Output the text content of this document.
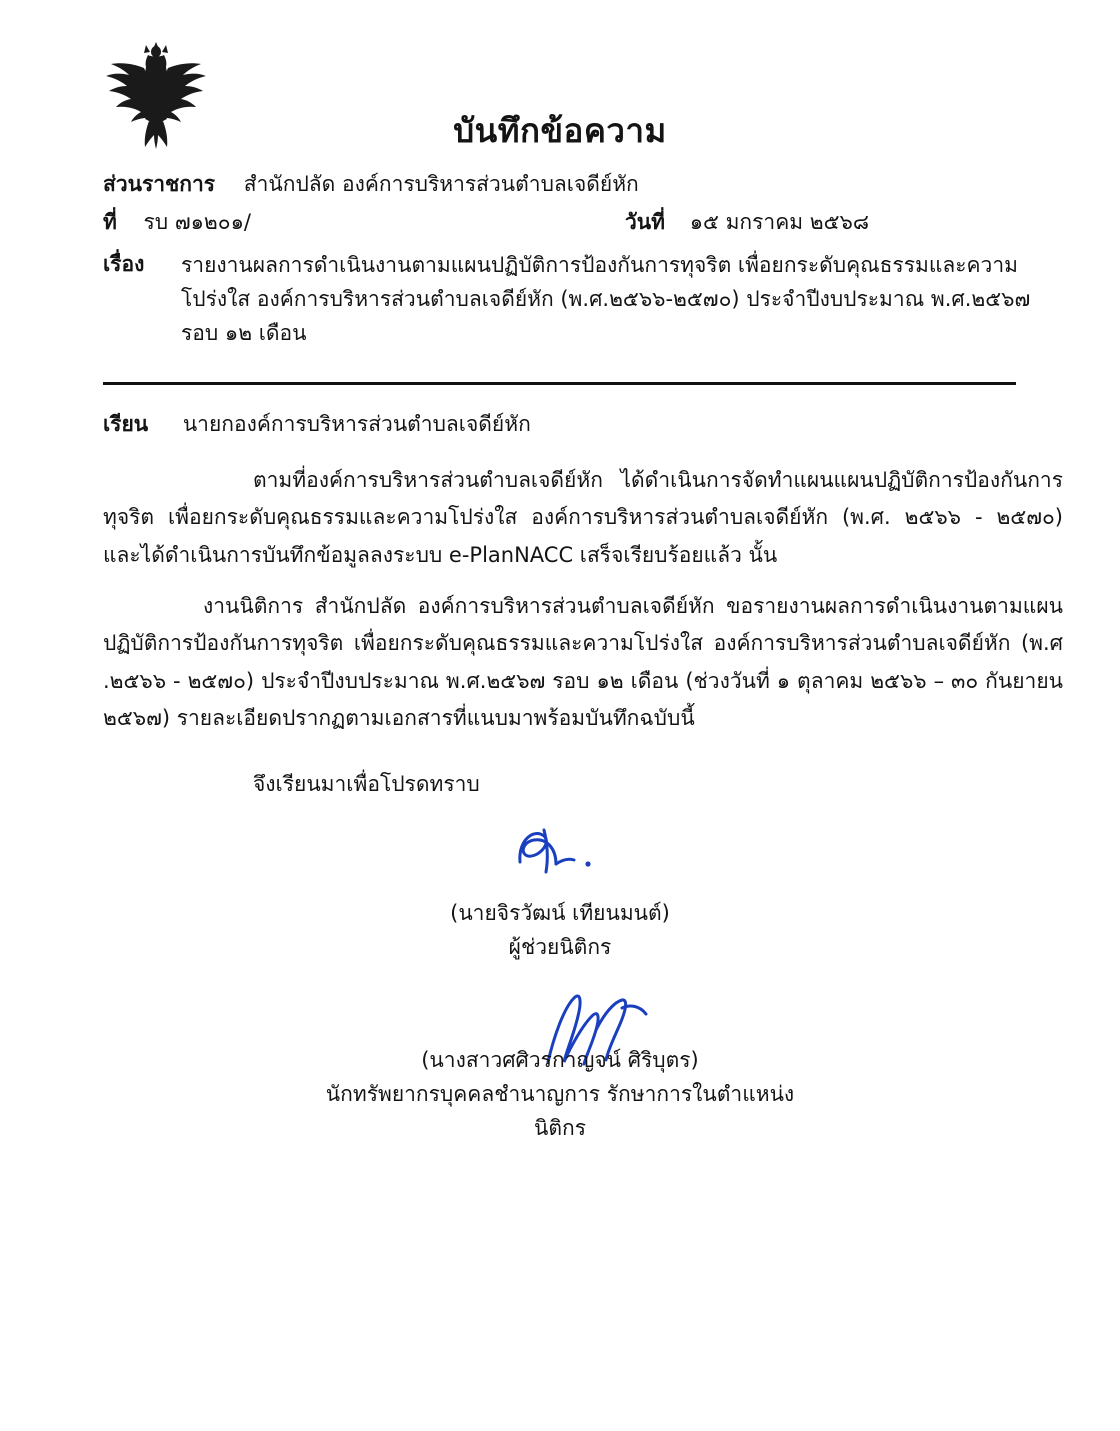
บันทึกข้อความ
ส่วนราชการ สำนักปลัด องค์การบริหารส่วนตำบลเจดีย์หัก
ที่ รบ ๗๑๒๐๑/	วันที่ ๑๕ มกราคม ๒๕๖๘
เรื่อง	รายงานผลการดำเนินงานตามแผนปฏิบัติการป้องกันการทุจริต เพื่อยกระดับคุณธรรมและความโปร่งใส องค์การบริหารส่วนตำบลเจดีย์หัก (พ.ศ.๒๕๖๖-๒๕๗๐) ประจำปีงบประมาณ พ.ศ.๒๕๖๗ รอบ ๑๒ เดือน
เรียน นายกองค์การบริหารส่วนตำบลเจดีย์หัก
ตามที่องค์การบริหารส่วนตำบลเจดีย์หัก ได้ดำเนินการจัดทำแผนแผนปฏิบัติการป้องกันการทุจริต เพื่อยกระดับคุณธรรมและความโปร่งใส องค์การบริหารส่วนตำบลเจดีย์หัก (พ.ศ. ๒๕๖๖ - ๒๕๗๐) และได้ดำเนินการบันทึกข้อมูลลงระบบ e-PlanNACC เสร็จเรียบร้อยแล้ว นั้น
งานนิติการ สำนักปลัด องค์การบริหารส่วนตำบลเจดีย์หัก ขอรายงานผลการดำเนินงานตามแผนปฏิบัติการป้องกันการทุจริต เพื่อยกระดับคุณธรรมและความโปร่งใส องค์การบริหารส่วนตำบลเจดีย์หัก (พ.ศ .๒๕๖๖ - ๒๕๗๐) ประจำปีงบประมาณ พ.ศ.๒๕๖๗ รอบ ๑๒ เดือน (ช่วงวันที่ ๑ ตุลาคม ๒๕๖๖ – ๓๐ กันยายน ๒๕๖๗) รายละเอียดปรากฏตามเอกสารที่แนบมาพร้อมบันทึกฉบับนี้
จึงเรียนมาเพื่อโปรดทราบ
(นายจิรวัฒน์ เทียนมนต์)
ผู้ช่วยนิติกร
(นางสาวศศิวรกาญจน์ ศิริบุตร)
นักทรัพยากรบุคคลชำนาญการ รักษาการในตำแหน่ง
นิติกร
